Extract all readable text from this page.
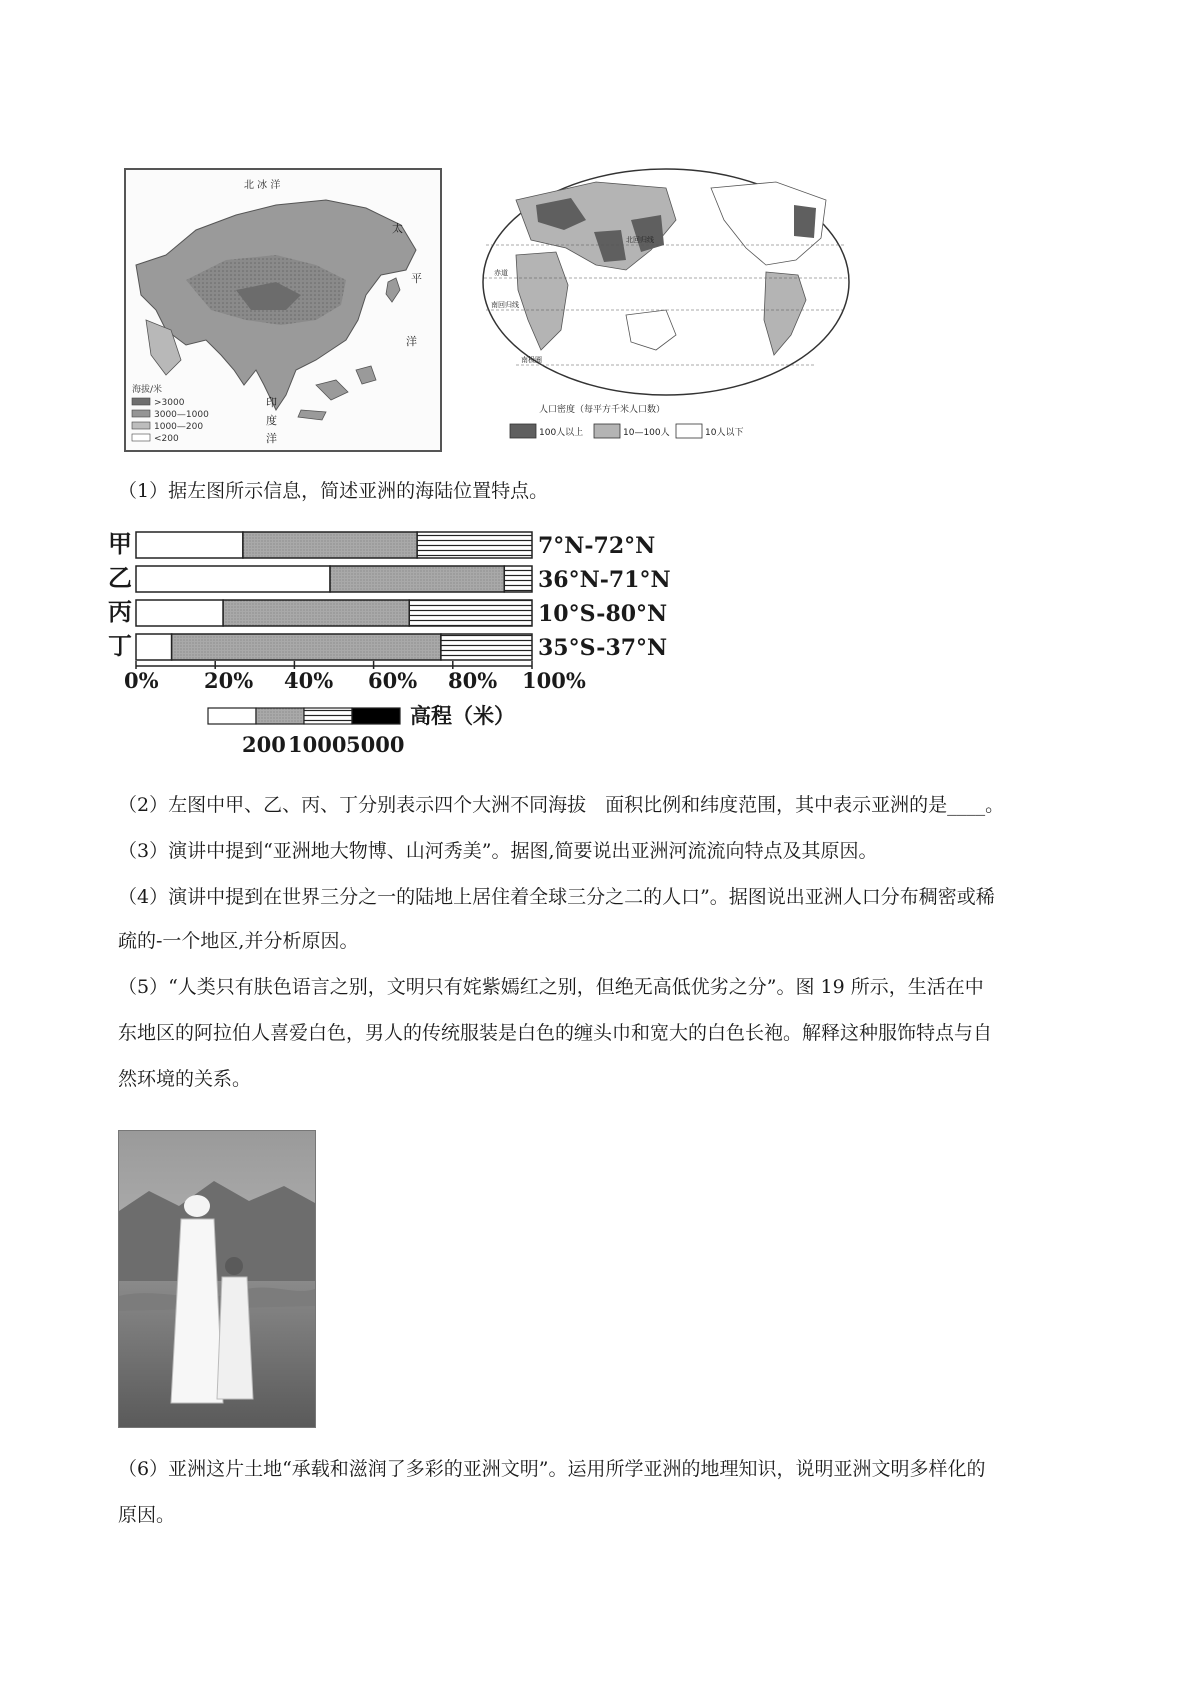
北 冰 洋
太
平
洋
印
度
洋
海拔/米
>3000
3000—1000
1000—200
<200
北回归线
赤道
南回归线
南极圈
人口密度（每平方千米人口数）
100人以上	10—100人	10人以下
（1）据左图所示信息，简述亚洲的海陆位置特点。
甲
乙
丙
丁
7°N-72°N
36°N-71°N
10°S-80°N
35°S-37°N
0% 20% 40% 60% 80% 100%
高程（米）
200 1000 5000
（2）左图中甲、乙、丙、丁分别表示四个大洲不同海拔　面积比例和纬度范围，其中表示亚洲的是____。
（3）演讲中提到“亚洲地大物博、山河秀美”。据图,简要说出亚洲河流流向特点及其原因。
（4）演讲中提到在世界三分之一的陆地上居住着全球三分之二的人口”。据图说出亚洲人口分布稠密或稀
疏的-一个地区,并分析原因。
（5）“人类只有肤色语言之别，文明只有姹紫嫣红之别，但绝无高低优劣之分”。图 19 所示，生活在中
东地区的阿拉伯人喜爱白色，男人的传统服装是白色的缠头巾和宽大的白色长袍。解释这种服饰特点与自
然环境的关系。
（6）亚洲这片土地“承载和滋润了多彩的亚洲文明”。运用所学亚洲的地理知识，说明亚洲文明多样化的
原因。
